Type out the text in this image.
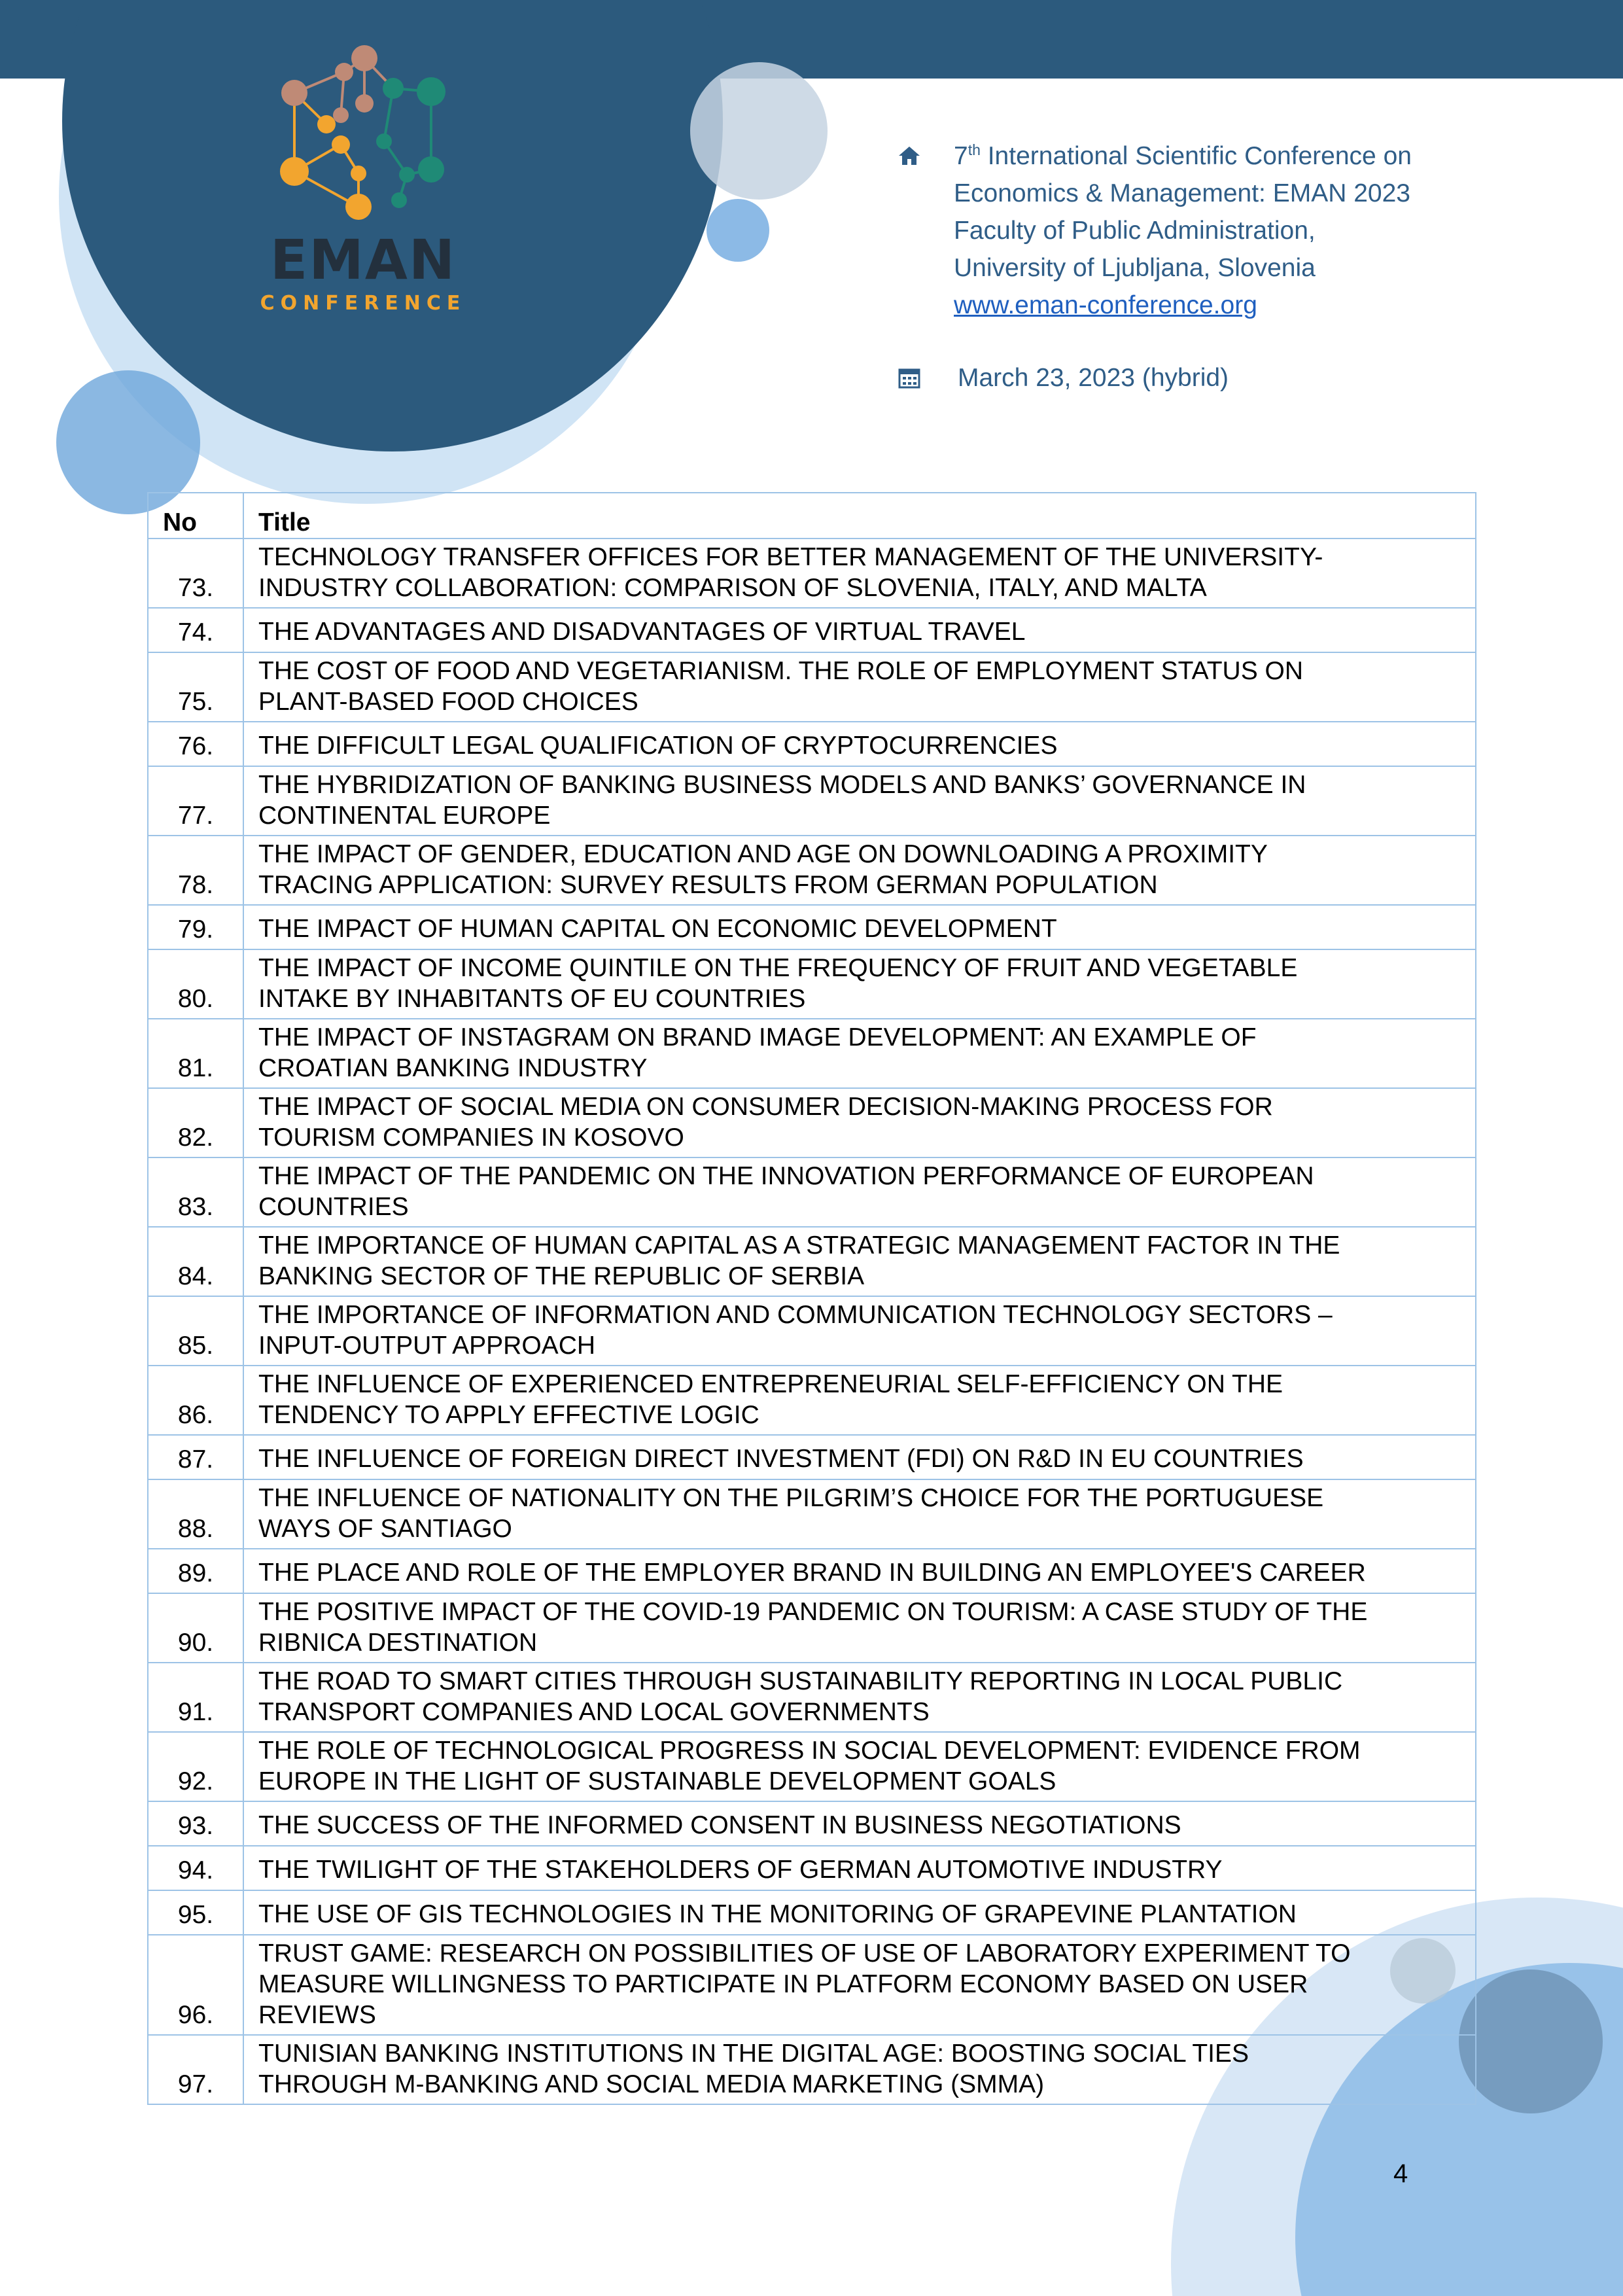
EMAN
CONFERENCE
7th International Scientific Conference on
Economics & Management: EMAN 2023
Faculty of Public Administration,
University of Ljubljana, Slovenia
www.eman-conference.org
March 23, 2023 (hybrid)
No	Title
73.	TECHNOLOGY TRANSFER OFFICES FOR BETTER MANAGEMENT OF THE UNIVERSITY-
INDUSTRY COLLABORATION: COMPARISON OF SLOVENIA, ITALY, AND MALTA

74.	THE ADVANTAGES AND DISADVANTAGES OF VIRTUAL TRAVEL

75.	THE COST OF FOOD AND VEGETARIANISM. THE ROLE OF EMPLOYMENT STATUS ON
PLANT-BASED FOOD CHOICES

76.	THE DIFFICULT LEGAL QUALIFICATION OF CRYPTOCURRENCIES

77.	THE HYBRIDIZATION OF BANKING BUSINESS MODELS AND BANKS’ GOVERNANCE IN
CONTINENTAL EUROPE

78.	THE IMPACT OF GENDER, EDUCATION AND AGE ON DOWNLOADING A PROXIMITY
TRACING APPLICATION: SURVEY RESULTS FROM GERMAN POPULATION

79.	THE IMPACT OF HUMAN CAPITAL ON ECONOMIC DEVELOPMENT

80.	THE IMPACT OF INCOME QUINTILE ON THE FREQUENCY OF FRUIT AND VEGETABLE
INTAKE BY INHABITANTS OF EU COUNTRIES

81.	THE IMPACT OF INSTAGRAM ON BRAND IMAGE DEVELOPMENT: AN EXAMPLE OF
CROATIAN BANKING INDUSTRY

82.	THE IMPACT OF SOCIAL MEDIA ON CONSUMER DECISION-MAKING PROCESS FOR
TOURISM COMPANIES IN KOSOVO

83.	THE IMPACT OF THE PANDEMIC ON THE INNOVATION PERFORMANCE OF EUROPEAN
COUNTRIES

84.	THE IMPORTANCE OF HUMAN CAPITAL AS A STRATEGIC MANAGEMENT FACTOR IN THE
BANKING SECTOR OF THE REPUBLIC OF SERBIA

85.	THE IMPORTANCE OF INFORMATION AND COMMUNICATION TECHNOLOGY SECTORS –
INPUT-OUTPUT APPROACH

86.	THE INFLUENCE OF EXPERIENCED ENTREPRENEURIAL SELF-EFFICIENCY ON THE
TENDENCY TO APPLY EFFECTIVE LOGIC

87.	THE INFLUENCE OF FOREIGN DIRECT INVESTMENT (FDI) ON R&D IN EU COUNTRIES

88.	THE INFLUENCE OF NATIONALITY ON THE PILGRIM’S CHOICE FOR THE PORTUGUESE
WAYS OF SANTIAGO

89.	THE PLACE AND ROLE OF THE EMPLOYER BRAND IN BUILDING AN EMPLOYEE'S CAREER

90.	THE POSITIVE IMPACT OF THE COVID-19 PANDEMIC ON TOURISM: A CASE STUDY OF THE
RIBNICA DESTINATION

91.	THE ROAD TO SMART CITIES THROUGH SUSTAINABILITY REPORTING IN LOCAL PUBLIC
TRANSPORT COMPANIES AND LOCAL GOVERNMENTS

92.	THE ROLE OF TECHNOLOGICAL PROGRESS IN SOCIAL DEVELOPMENT: EVIDENCE FROM
EUROPE IN THE LIGHT OF SUSTAINABLE DEVELOPMENT GOALS

93.	THE SUCCESS OF THE INFORMED CONSENT IN BUSINESS NEGOTIATIONS

94.	THE TWILIGHT OF THE STAKEHOLDERS OF GERMAN AUTOMOTIVE INDUSTRY

95.	THE USE OF GIS TECHNOLOGIES IN THE MONITORING OF GRAPEVINE PLANTATION

96.	TRUST GAME: RESEARCH ON POSSIBILITIES OF USE OF LABORATORY EXPERIMENT TO
MEASURE WILLINGNESS TO PARTICIPATE IN PLATFORM ECONOMY BASED ON USER
REVIEWS

97.	TUNISIAN BANKING INSTITUTIONS IN THE DIGITAL AGE: BOOSTING SOCIAL TIES
THROUGH M-BANKING AND SOCIAL MEDIA MARKETING (SMMA)
4
